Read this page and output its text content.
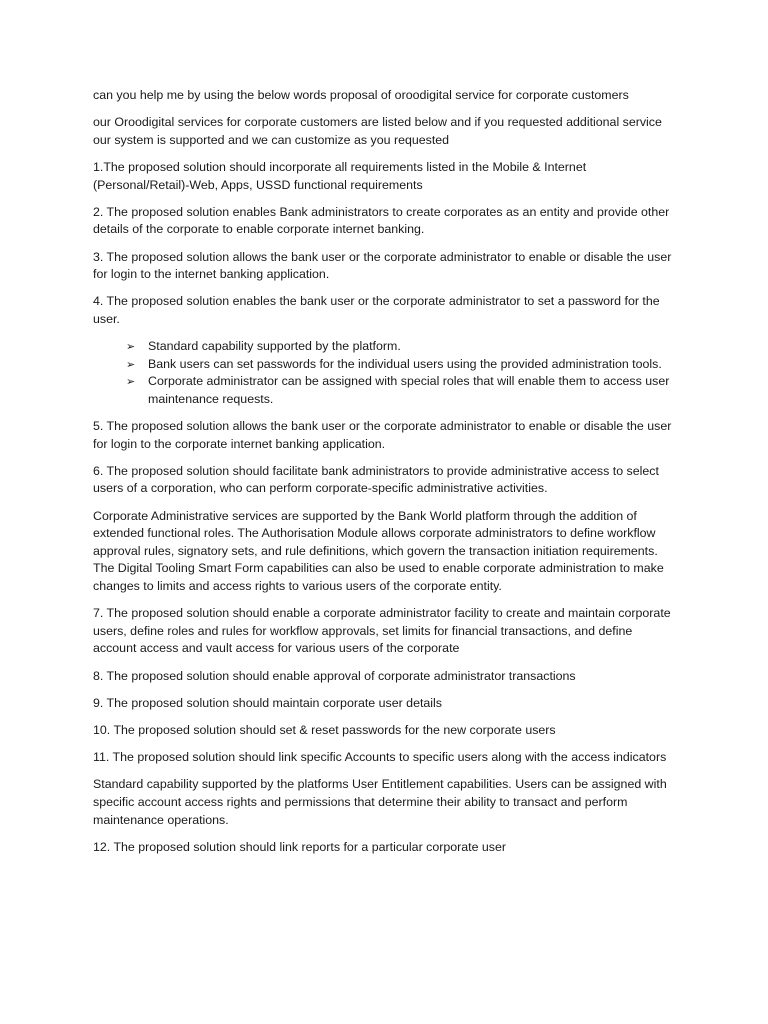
can you help me by using the below words proposal of oroodigital service for corporate customers

our Oroodigital services for corporate customers are listed below and if you requested additional service our system is supported and we can customize as you requested

1.The proposed solution should incorporate all requirements listed in the Mobile & Internet (Personal/Retail)-Web, Apps, USSD functional requirements

2. The proposed solution enables Bank administrators to create corporates as an entity and provide other details of the corporate to enable corporate internet banking.

3. The proposed solution allows the bank user or the corporate administrator to enable or disable the user for login to the internet banking application.

4. The proposed solution enables the bank user or the corporate administrator to set a password for the user.

➢ Standard capability supported by the platform.
➢ Bank users can set passwords for the individual users using the provided administration tools.
➢ Corporate administrator can be assigned with special roles that will enable them to access user maintenance requests.

5. The proposed solution allows the bank user or the corporate administrator to enable or disable the user for login to the corporate internet banking application.

6. The proposed solution should facilitate bank administrators to provide administrative access to select users of a corporation, who can perform corporate-specific administrative activities.

Corporate Administrative services are supported by the Bank World platform through the addition of extended functional roles. The Authorisation Module allows corporate administrators to define workflow approval rules, signatory sets, and rule definitions, which govern the transaction initiation requirements. The Digital Tooling Smart Form capabilities can also be used to enable corporate administration to make changes to limits and access rights to various users of the corporate entity.

7. The proposed solution should enable a corporate administrator facility to create and maintain corporate users, define roles and rules for workflow approvals, set limits for financial transactions, and define account access and vault access for various users of the corporate

8. The proposed solution should enable approval of corporate administrator transactions

9. The proposed solution should maintain corporate user details

10. The proposed solution should set & reset passwords for the new corporate users

11. The proposed solution should link specific Accounts to specific users along with the access indicators

Standard capability supported by the platforms User Entitlement capabilities. Users can be assigned with specific account access rights and permissions that determine their ability to transact and perform maintenance operations.

12. The proposed solution should link reports for a particular corporate user
